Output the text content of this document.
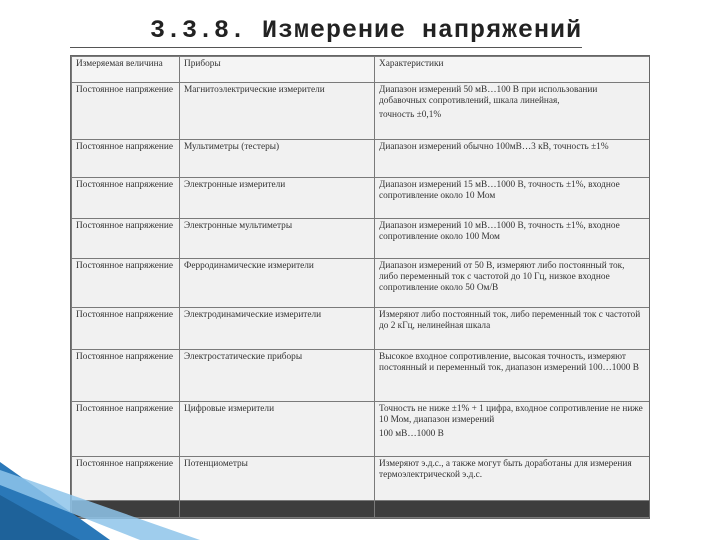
3.3.8. Измерение напряжений
Измеряемая величина	Приборы	Характеристики
Постоянное напряжение	Магнитоэлектрические измерители	Диапазон измерений 50 мВ…100 В при использовании добавочных сопротивлений, шкала линейная,
точность ±0,1%

Постоянное напряжение	Мультиметры (тестеры)	Диапазон измерений обычно 100мВ…3 кВ, точность ±1%
Постоянное напряжение	Электронные измерители	Диапазон измерений 15 мВ…1000 В, точность ±1%, входное сопротивление около 10 Мом
Постоянное напряжение	Электронные мультиметры	Диапазон измерений 10 мВ…1000 В, точность ±1%, входное сопротивление около 100 Мом
Постоянное напряжение	Ферродинамические измерители	Диапазон измерений от 50 В, измеряют либо постоянный ток, либо переменный ток с частотой до 10 Гц, низкое входное сопротивление около 50 Ом/В
Постоянное напряжение	Электродинамические измерители	Измеряют либо постоянный ток, либо переменный ток с частотой до 2 кГц, нелинейная шкала
Постоянное напряжение	Электростатические приборы	Высокое входное сопротивление, высокая точность, измеряют постоянный и переменный ток, диапазон измерений 100…1000 В
Постоянное напряжение	Цифровые измерители	Точность не ниже ±1% + 1 цифра, входное сопротивление не ниже 10 Мом, диапазон измерений
100 мВ…1000 В

Постоянное напряжение	Потенциометры	Измеряют э.д.с., а также могут быть доработаны для измерения термоэлектрической э.д.с.
